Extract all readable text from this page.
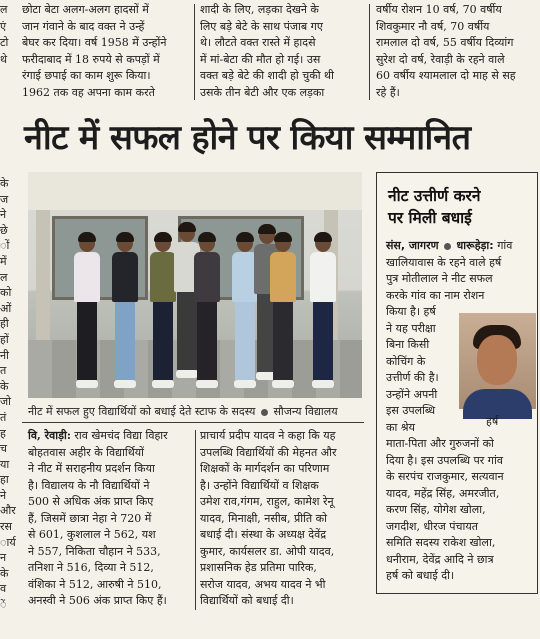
छोटा बेटा अलग-अलग हादसों में
जान गंवाने के बाद वक्त ने उन्हें
बेघर कर दिया। वर्ष 1958 में उन्होंने
फरीदाबाद में 18 रुपये से कपड़ों में
रंगाई छपाई का काम शुरू किया।
1962 तक वह अपना काम करते
शादी के लिए, लड़का देखने के
लिए बड़े बेटे के साथ पंजाब गए
थे। लौटते वक्त रास्ते में हादसे
में मां-बेटा की मौत हो गई। उस
वक्त बड़े बेटे की शादी हो चुकी थी
उसके तीन बेटी और एक लड़का
वर्षीय रोशन 10 वर्ष, 70 वर्षीय
शिवकुमार नौ वर्ष, 70 वर्षीय
रामलाल दो वर्ष, 55 वर्षीय दिव्यांग
सुरेश दो वर्ष, रेवाड़ी के रहने वाले
60 वर्षीय श्यामलाल दो माह से सह
रहे हैं।
ल
एं
टो
थे
नीट में सफल होने पर किया सम्मानित
के
ज
ने
छे
ों
में
ल
को
ओं
ही
हों
नी
त
के
जो
तं
ह
च
या
हा
ने
और
रस
ार्य
न
के
व
ें
नीट में सफल हुए विद्यार्थियों को बधाई देते स्टाफ के सदस्य सौजन्य विद्यालय
वि, रेवाड़ी: राव खेमचंद विद्या विहार
बोहतवास अहीर के विद्यार्थियों
ने नीट में सराहनीय प्रदर्शन किया
है। विद्यालय के नौ विद्यार्थियों ने
500 से अधिक अंक प्राप्त किए
हैं, जिसमें छात्रा नेहा ने 720 में
से 601, कुशलाल ने 562, यश
ने 557, निकिता चौहान ने 533,
तनिशा ने 516, दिव्या ने 512,
वंशिका ने 512, आरुषी ने 510,
अनस्वी ने 506 अंक प्राप्त किए हैं।
प्राचार्य प्रदीप यादव ने कहा कि यह
उपलब्धि विद्यार्थियों की मेहनत और
शिक्षकों के मार्गदर्शन का परिणाम
है। उन्होंने विद्यार्थियों व शिक्षक
उमेश राव,गंगम, राहुल, कामेश रेनू
यादव, मिनाक्षी, नसीब, प्रीति को
बधाई दी। संस्था के अध्यक्ष देवेंद्र
कुमार, कार्यसलर डा. ओपी यादव,
प्रशासनिक हेड प्रतिमा पारिक,
सरोज यादव, अभय यादव ने भी
विद्यार्थियों को बधाई दी।
नीट उत्तीर्ण करने
पर मिली बधाई
संस, जागरण धारूहेड़ा: गांव
खालियावास के रहने वाले हर्ष
पुत्र मोतीलाल ने नीट सफल
करके गांव का नाम रोशन
किया है। हर्ष
ने यह परीक्षा
बिना किसी
कोचिंग के
उत्तीर्ण की है।
उन्होंने अपनी
इस उपलब्धि
का श्रेय	हर्ष
माता-पिता और गुरुजनों को
दिया है। इस उपलब्धि पर गांव
के सरपंच राजकुमार, सत्यवान
यादव, महेंद्र सिंह, अमरजीत,
करण सिंह, योगेश खोला,
जगदीश, धीरज पंचायत
समिति सदस्य राकेश खोला,
धनीराम, देवेंद्र आदि ने छात्र
हर्ष को बधाई दी।
